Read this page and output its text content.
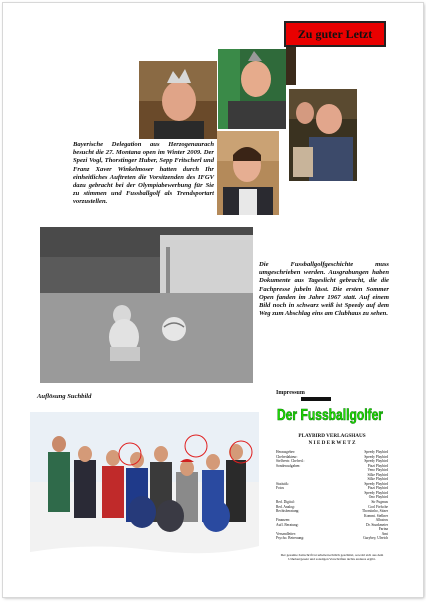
Zu guter Letzt
Bayerische Delegation aus Herzogenaurach besucht die 27. Montana open im Winter 2009. Der Spezi Vogl, Thorstinger Huber, Sepp Fritscherl und Franz Xaver Winkelmoser hatten durch Ihr einheitliches Auftreten die Vorsitzenden des IFGV dazu gebracht bei der Olympiabewerbung für Sie zu stimmen und Fussballgolf als Trendsportart vorzustellen.
Die Fussballgolfgeschichte muss umgeschrieben werden. Ausgrabungen haben Dokumente aus Tageslicht gebracht, die die Fachpresse jubeln lässt. Die ersten Sommer Open fanden im Jahre 1967 statt. Auf einem Bild noch in schwarz weiß ist Speedy auf dem Weg zum Abschlag eins am Clubhaus zu sehen.
Auflösung Suchbild	Impressum
Der Fussballgolfer
PLAYBIRD VERLAGSHAUS
N I E D E R W E T Z
Herausgeber:	Speedy Playbird
Chefredakteur:	Speedy Playbird
Stellvertr. Chefred.:	Speedy Playbird
Sonderaufgaben:	Pizzi Playbird
Veno Playbird
Silke Playbird
Silke Playbird
Statistik:	Speedy Playbird
Fotos	Pizzi Playbird
Speedy Playbird
Ono Playbird
Red. Digital:	Sir Pugmus
Red. Analog:	Cool Fielsche
Rechtsberatung:	Thorstinho, Sitzer
Kommi. Stellner
Finanzen:	Albatros
Aufl. Beratung:	Dr. Stunkmeier
Farina
Versandleiter:	Ami
Psycho. Betreuung:	Gurybey, Ulreich
Der gesamte Zeitschrift ist urheberrechtlich geschützt, sowohl sich aus dem Urheberrgesetz und sonstigen Vorschriften nichts anderes ergibt.
